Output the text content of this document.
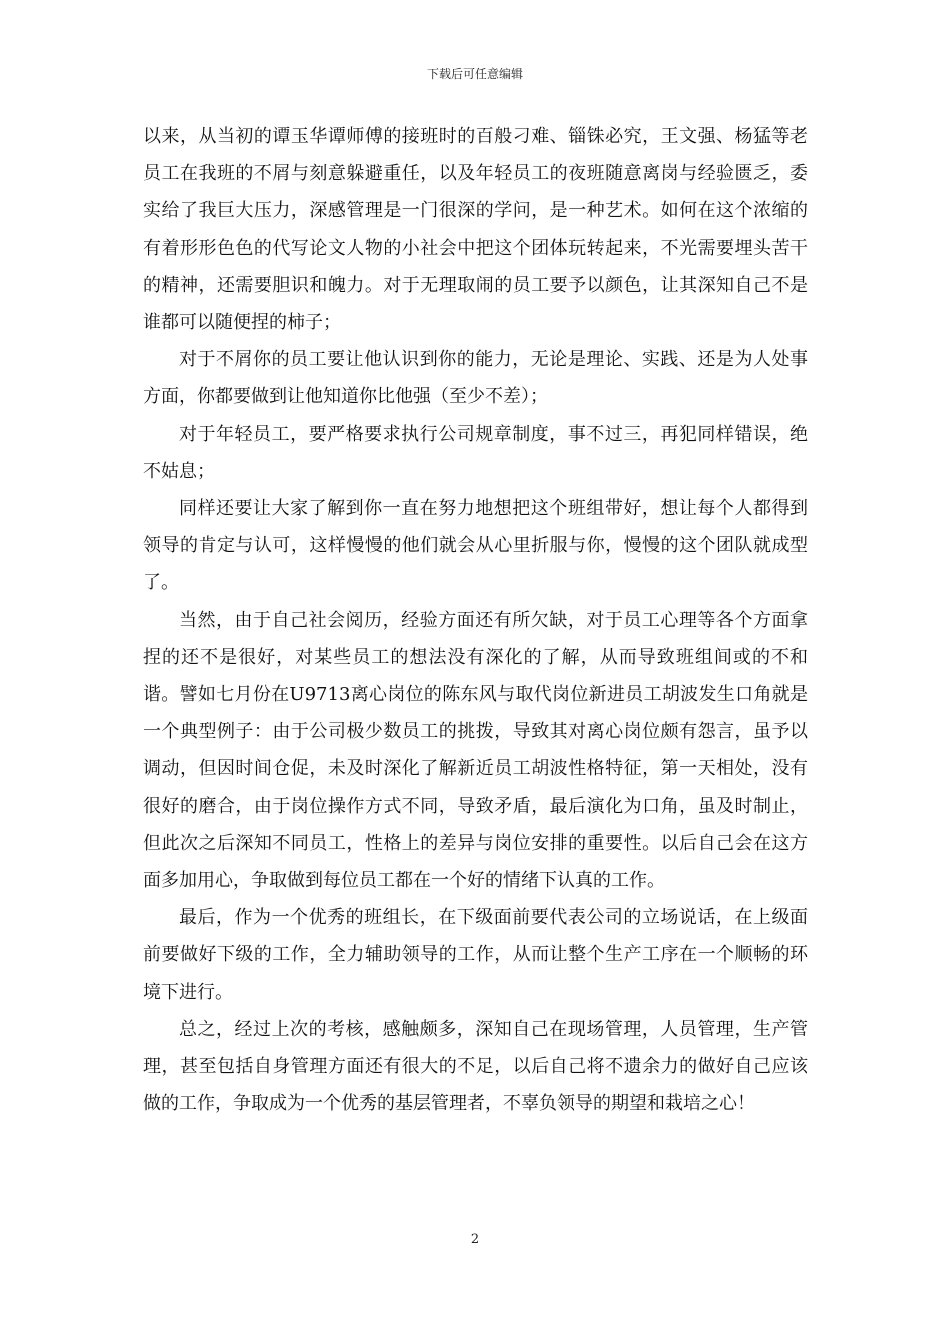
下载后可任意编辑

以来，从当初的谭玉华谭师傅的接班时的百般刁难、锱铢必究，王文强、杨猛等老员工在我班的不屑与刻意躲避重任，以及年轻员工的夜班随意离岗与经验匮乏，委实给了我巨大压力，深感管理是一门很深的学问，是一种艺术。如何在这个浓缩的有着形形色色的代写论文人物的小社会中把这个团体玩转起来，不光需要埋头苦干的精神，还需要胆识和魄力。对于无理取闹的员工要予以颜色，让其深知自己不是谁都可以随便捏的柿子；

对于不屑你的员工要让他认识到你的能力，无论是理论、实践、还是为人处事方面，你都要做到让他知道你比他强（至少不差）；

对于年轻员工，要严格要求执行公司规章制度，事不过三，再犯同样错误，绝不姑息；

同样还要让大家了解到你一直在努力地想把这个班组带好，想让每个人都得到领导的肯定与认可，这样慢慢的他们就会从心里折服与你，慢慢的这个团队就成型了。

当然，由于自己社会阅历，经验方面还有所欠缺，对于员工心理等各个方面拿捏的还不是很好，对某些员工的想法没有深化的了解，从而导致班组间或的不和谐。譬如七月份在U9713离心岗位的陈东风与取代岗位新进员工胡波发生口角就是一个典型例子：由于公司极少数员工的挑拨，导致其对离心岗位颇有怨言，虽予以调动，但因时间仓促，未及时深化了解新近员工胡波性格特征，第一天相处，没有很好的磨合，由于岗位操作方式不同，导致矛盾，最后演化为口角，虽及时制止，但此次之后深知不同员工，性格上的差异与岗位安排的重要性。以后自己会在这方面多加用心，争取做到每位员工都在一个好的情绪下认真的工作。

最后，作为一个优秀的班组长，在下级面前要代表公司的立场说话，在上级面前要做好下级的工作，全力辅助领导的工作，从而让整个生产工序在一个顺畅的环境下进行。

总之，经过上次的考核，感触颇多，深知自己在现场管理，人员管理，生产管理，甚至包括自身管理方面还有很大的不足，以后自己将不遗余力的做好自己应该做的工作，争取成为一个优秀的基层管理者，不辜负领导的期望和栽培之心！

2
